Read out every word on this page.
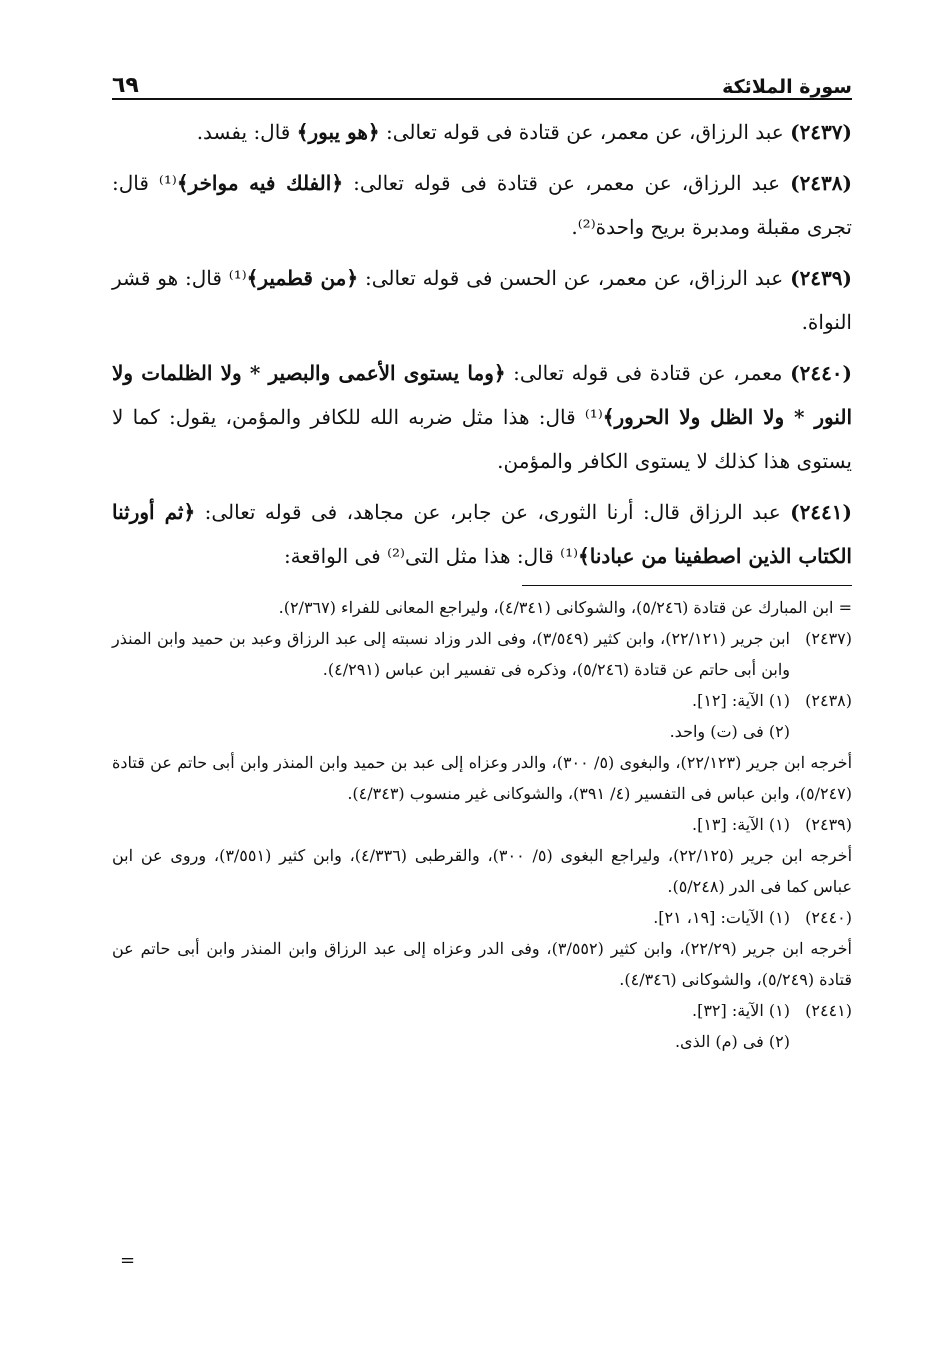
سورة الملائكة
٦٩

(٢٤٣٧) عبد الرزاق، عن معمر، عن قتادة فى قوله تعالى: ﴿هو يبور﴾ قال: يفسد.

(٢٤٣٨) عبد الرزاق، عن معمر، عن قتادة فى قوله تعالى: ﴿الفلك فيه مواخر﴾⁽¹⁾ قال: تجرى مقبلة ومدبرة بريح واحدة⁽²⁾.

(٢٤٣٩) عبد الرزاق، عن معمر، عن الحسن فى قوله تعالى: ﴿من قطمير﴾⁽¹⁾ قال: هو قشر النواة.

(٢٤٤٠) معمر، عن قتادة فى قوله تعالى: ﴿وما يستوى الأعمى والبصير * ولا الظلمات ولا النور * ولا الظل ولا الحرور﴾⁽¹⁾ قال: هذا مثل ضربه الله للكافر والمؤمن، يقول: كما لا يستوى هذا كذلك لا يستوى الكافر والمؤمن.

(٢٤٤١) عبد الرزاق قال: أرنا الثورى، عن جابر، عن مجاهد، فى قوله تعالى: ﴿ثم أورثنا الكتاب الذين اصطفينا من عبادنا﴾⁽¹⁾ قال: هذا مثل التى⁽²⁾ فى الواقعة:

= ابن المبارك عن قتادة (٥/٢٤٦)، والشوكانى (٤/٣٤١)، وليراجع المعانى للفراء (٢/٣٦٧).
(٢٤٣٧)
ابن جرير (٢٢/١٢١)، وابن كثير (٣/٥٤٩)، وفى الدر وزاد نسبته إلى عبد الرزاق وعبد بن حميد وابن المنذر وابن أبى حاتم عن قتادة (٥/٢٤٦)، وذكره فى تفسير ابن عباس (٤/٢٩١).
(٢٤٣٨)
(١) الآية: [١٢].
(٢) فى (ت) واحد.
أخرجه ابن جرير (٢٢/١٢٣)، والبغوى (٥/ ٣٠٠)، والدر وعزاه إلى عبد بن حميد وابن المنذر وابن أبى حاتم عن قتادة (٥/٢٤٧)، وابن عباس فى التفسير (٤/ ٣٩١)، والشوكانى غير منسوب (٤/٣٤٣).
(٢٤٣٩)
(١) الآية: [١٣].
أخرجه ابن جرير (٢٢/١٢٥)، وليراجع البغوى (٥/ ٣٠٠)، والقرطبى (٤/٣٣٦)، وابن كثير (٣/٥٥١)، وروى عن ابن عباس كما فى الدر (٥/٢٤٨).
(٢٤٤٠)
(١) الآيات: [١٩، ٢١].
أخرجه ابن جرير (٢٢/٢٩)، وابن كثير (٣/٥٥٢)، وفى الدر وعزاه إلى عبد الرزاق وابن المنذر وابن أبى حاتم عن قتادة (٥/٢٤٩)، والشوكانى (٤/٣٤٦).
(٢٤٤١)
(١) الآية: [٣٢].
(٢) فى (م) الذى.
=
